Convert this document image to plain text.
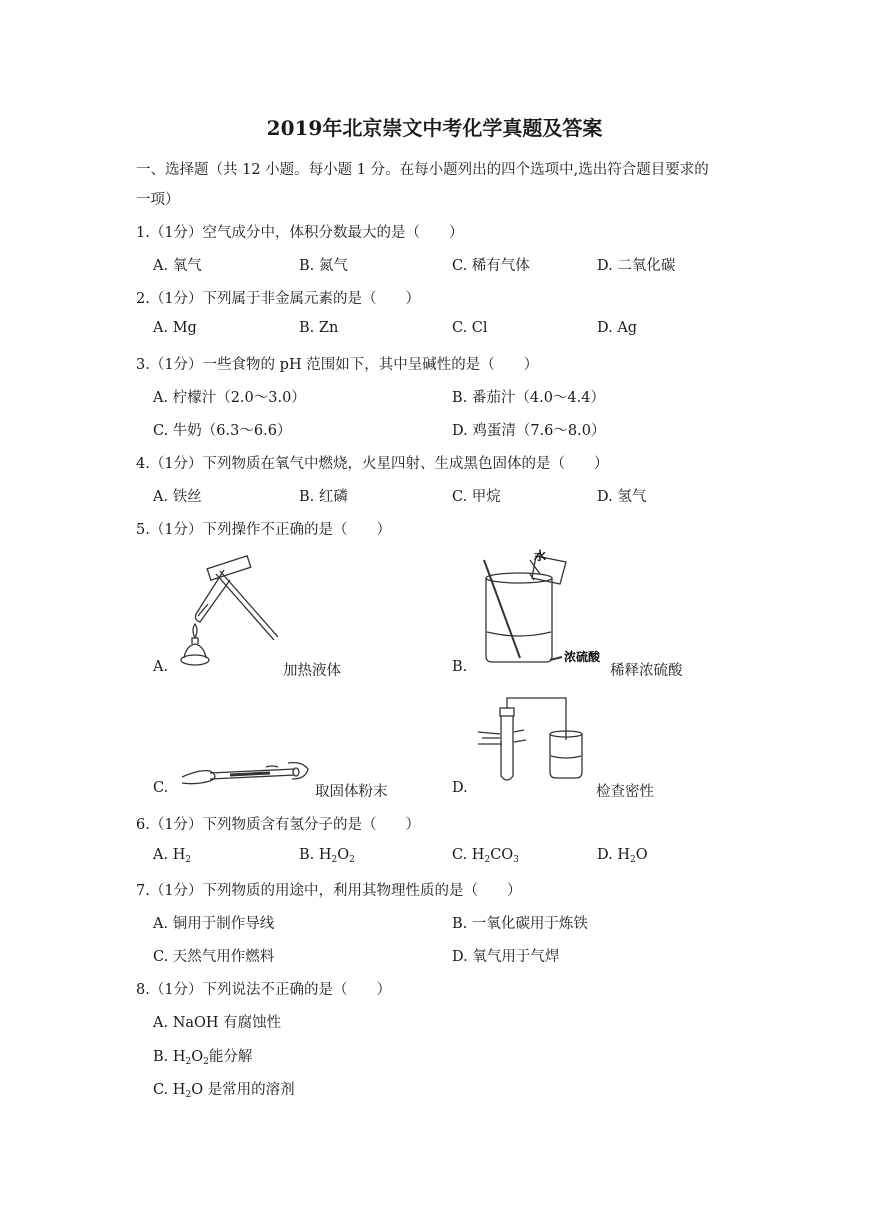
2019年北京崇文中考化学真题及答案
一、选择题（共 12 小题。每小题 1 分。在每小题列出的四个选项中,选出符合题目要求的
一项）
1.（1分）空气成分中，体积分数最大的是（　　）
A. 氧气	B. 氮气	C. 稀有气体	D. 二氧化碳
2.（1分）下列属于非金属元素的是（　　）
A. Mg	B. Zn	C. Cl	D. Ag
3.（1分）一些食物的 pH 范围如下，其中呈碱性的是（　　）
A. 柠檬汁（2.0～3.0）	B. 番茄汁（4.0～4.4）
C. 牛奶（6.3～6.6）	D. 鸡蛋清（7.6～8.0）
4.（1分）下列物质在氧气中燃烧，火星四射、生成黑色固体的是（　　）
A. 铁丝	B. 红磷	C. 甲烷	D. 氢气
5.（1分）下列操作不正确的是（　　）
A.	加热液体
水
浓硫酸
B.	稀释浓硫酸
C.	取固体粉末	D.	检查密性
6.（1分）下列物质含有氢分子的是（　　）
A. $H_2$	B. $H_2O_2$	C. $H_2CO_3$	D. $H_2O$
7.（1分）下列物质的用途中，利用其物理性质的是（　　）
A. 铜用于制作导线	B. 一氧化碳用于炼铁
C. 天然气用作燃料	D. 氧气用于气焊
8.（1分）下列说法不正确的是（　　）
A. NaOH 有腐蚀性
B. $H_2O_2$能分解
C. $H_2O$ 是常用的溶剂
